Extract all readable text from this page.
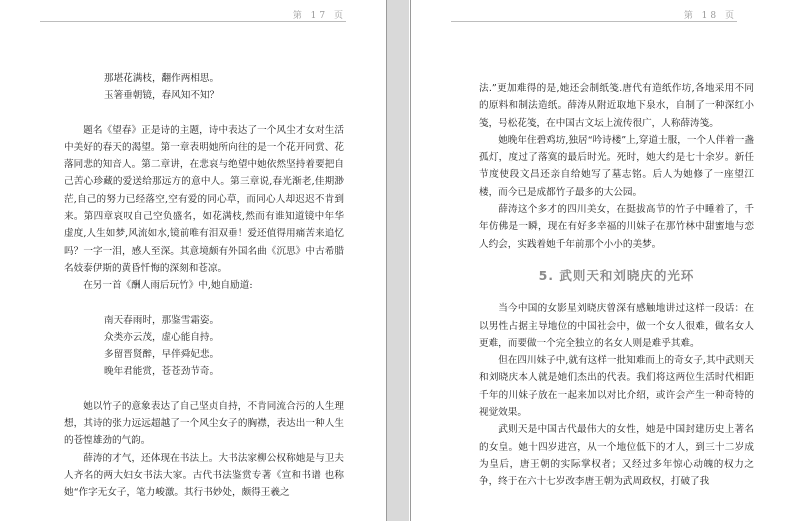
第 17 页
那堪花满枝，翻作两相思。
玉箸垂朝镜，春风知不知？

题名《望春》正是诗的主题，诗中表达了一个风尘才女对生活中美好的春天的渴望。第一章表明她所向往的是一个花开同赏、花落同悲的知音人。第二章讲，在悲哀与绝望中她依然坚持着要把自己苦心珍藏的爱送给那远方的意中人。第三章说,春光渐老,佳期渺茫,自己的努力已经落空,空有爱的同心草，而同心人却迟迟不肯到来。第四章哀叹自己空负盛名，如花满枝,然而有谁知道镜中年华虚度,人生如梦,风流如水,镜前唯有泪双垂！爱还值得用痛苦来追忆吗？一字一泪，感人至深。其意境颇有外国名曲《沉思》中古希腊名妓泰伊斯的黄昏忏悔的深刻和苍凉。

在另一首《酬人雨后玩竹》中,她自励道:

南天春雨时，那鉴雪霜姿。
众类亦云茂，虚心能自持。
多留晋贤醉，早伴舜妃悲。
晚年君能赏，苍苍劲节奇。

她以竹子的意象表达了自己坚贞自持，不肯同流合污的人生理想，其诗的张力远远超越了一个风尘女子的胸襟，表达出一种人生的苍惶雄劲的气韵。

薛涛的才气，还体现在书法上。大书法家柳公权称她是与卫夫人齐名的两大妇女书法大家。古代书法鉴赏专著《宣和书谱 也称她“作字无女子，笔力峻激。其行书妙处，颇得王羲之

第 18 页

法.”更加难得的是,她还会制纸笺.唐代有造纸作坊,各地采用不同的原料和制法造纸。薛涛从附近取地下泉水，自制了一种深红小笺，号松花笺，在中国古文坛上流传很广，人称薛涛笺。

她晚年住碧鸡坊,独居“吟诗楼”上,穿道士服，一个人伴着一盏孤灯，度过了落寞的最后时光。死时，她大约是七十余岁。新任节度使段文昌还亲自给她写了墓志铭。后人为她修了一座望江楼，而今已是成都竹子最多的大公园。

薛涛这个多才的四川美女，在挺拔高节的竹子中睡着了，千年仿佛是一瞬，现在有好多幸福的川妹子在那竹林中甜蜜地与恋人约会，实践着她千年前那个小小的美梦。

5. 武则天和刘晓庆的光环

当今中国的女影星刘晓庆曾深有感触地讲过这样一段话：在以男性占据主导地位的中国社会中，做一个女人很难，做名女人更难，而要做一个完全独立的名女人则是难乎其难。

但在四川妹子中,就有这样一批知难而上的奇女子,其中武则天和刘晓庆本人就是她们杰出的代表。我们将这两位生活时代相距千年的川妹子放在一起来加以对比介绍，或许会产生一种奇特的视觉效果。

武则天是中国古代最伟大的女性，她是中国封建历史上著名的女皇。她十四岁进宫，从一个地位低下的才人，到三十二岁成为皇后，唐王朝的实际掌权者；又经过多年惊心动魄的权力之争，终于在六十七岁改李唐王朝为武周政权，打破了我
